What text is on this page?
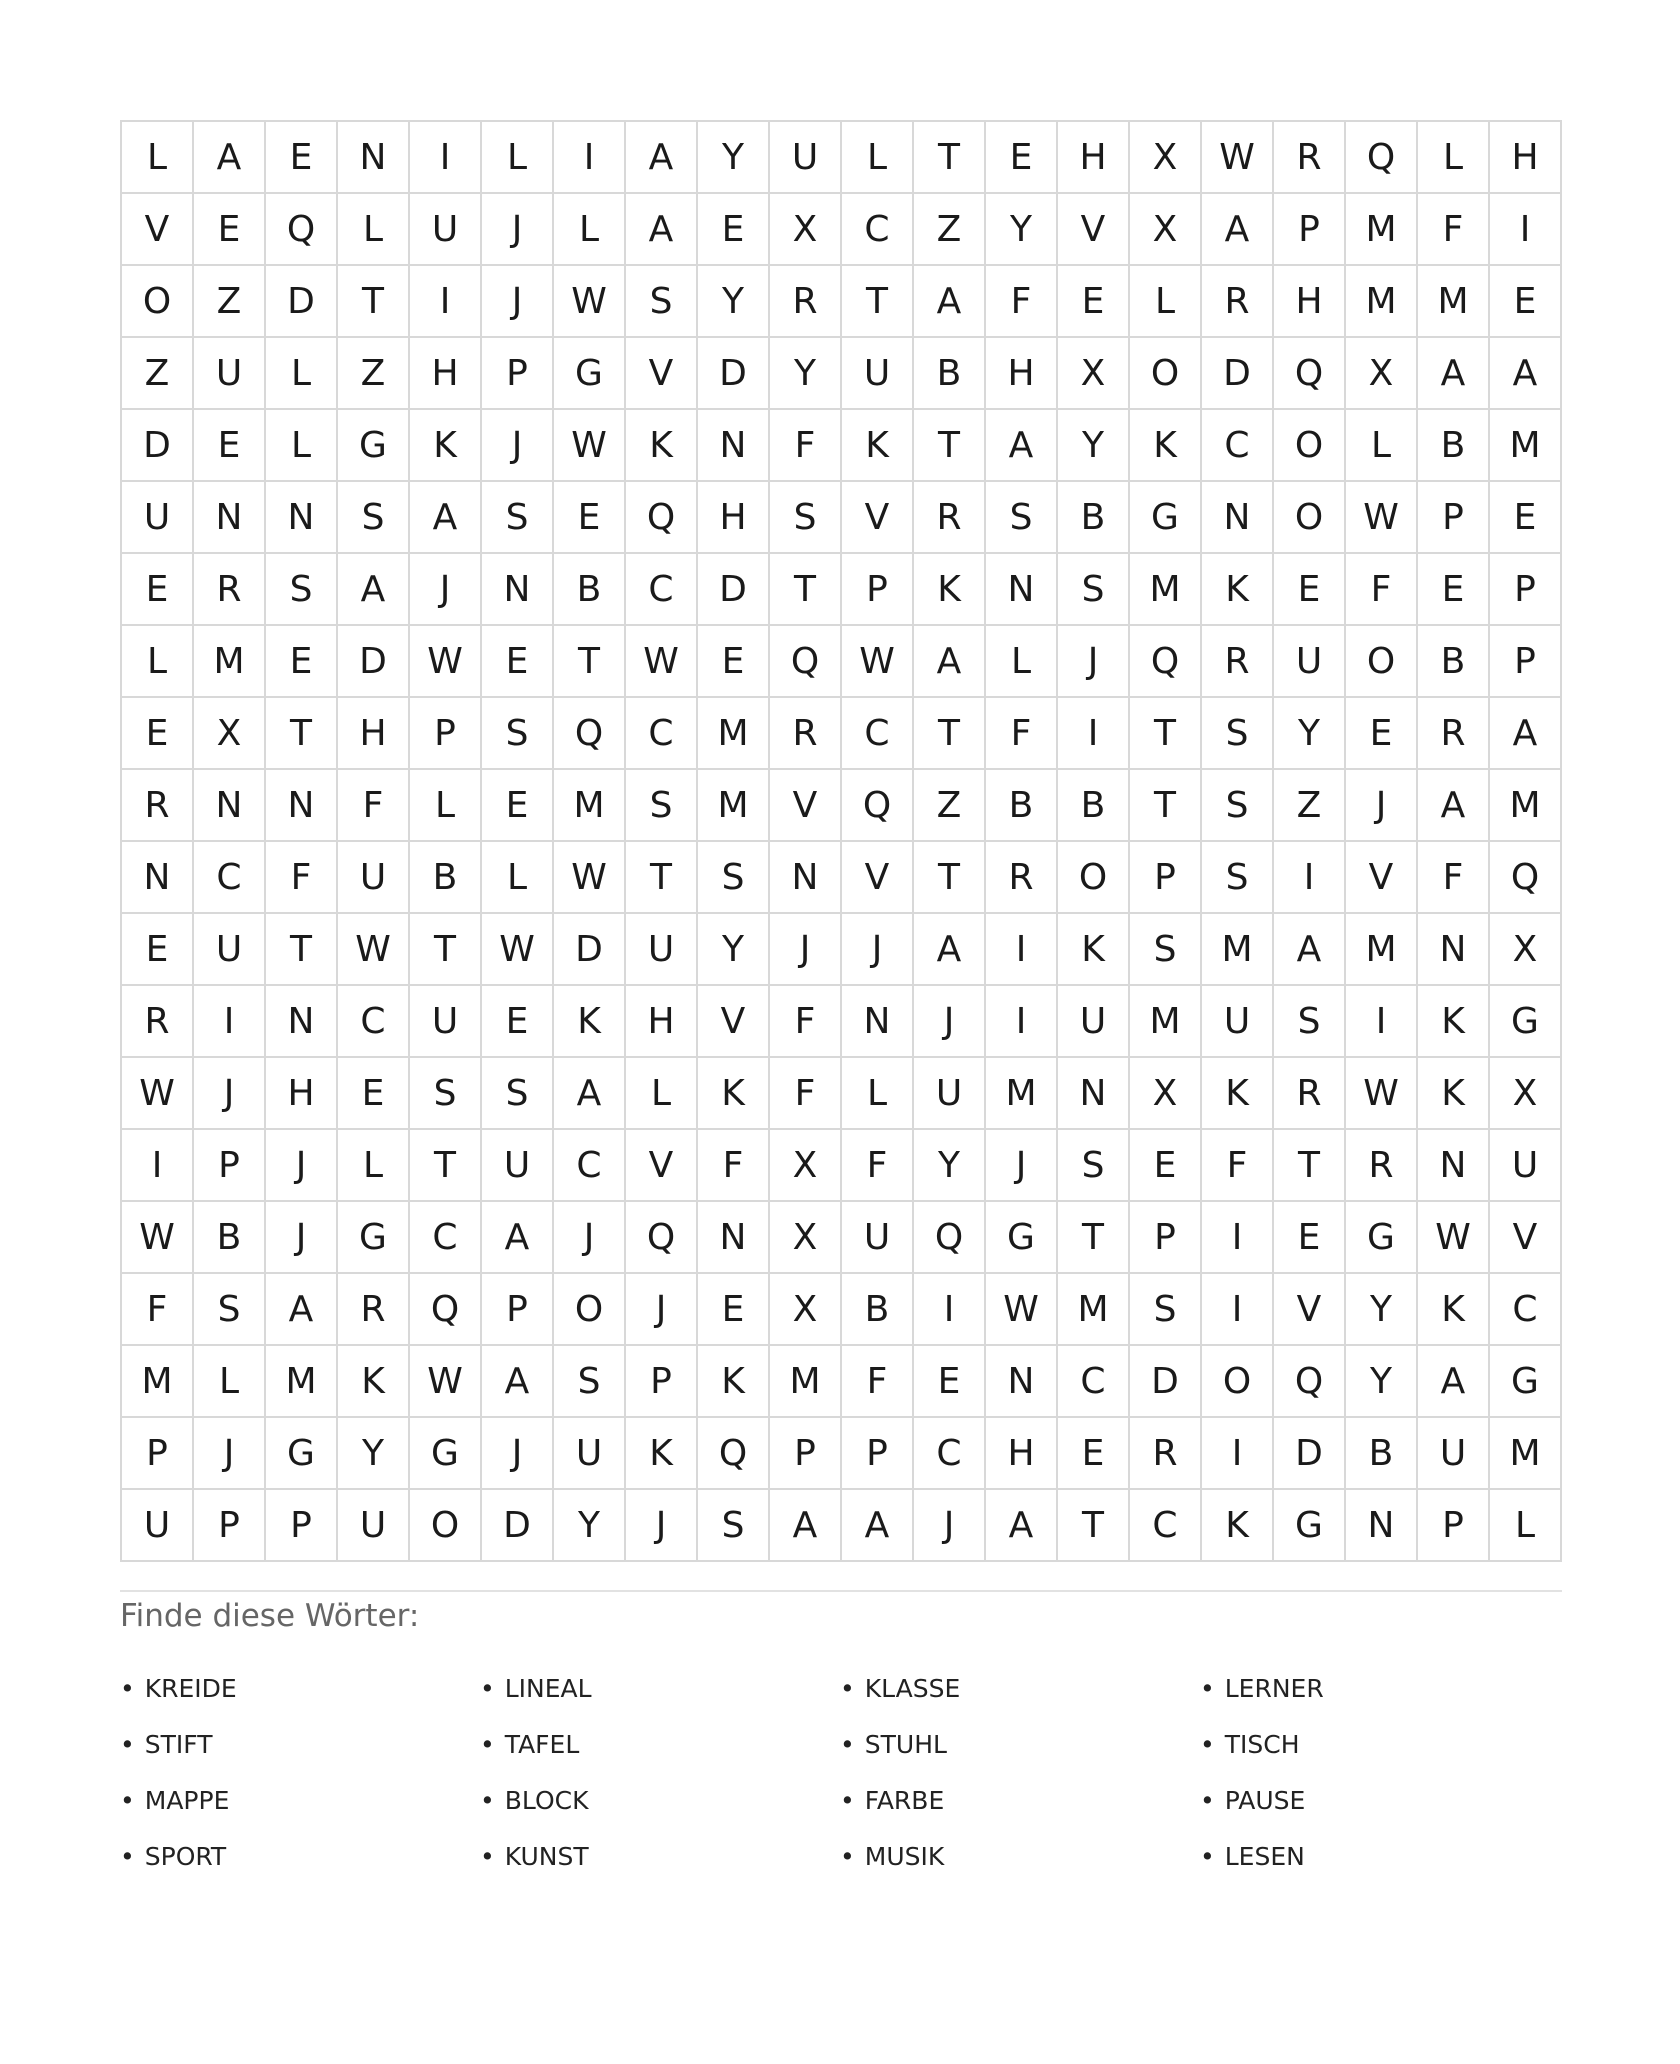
L	A	E	N	I	L	I	A	Y	U	L	T	E	H	X	W	R	Q	L	H
V	E	Q	L	U	J	L	A	E	X	C	Z	Y	V	X	A	P	M	F	I
O	Z	D	T	I	J	W	S	Y	R	T	A	F	E	L	R	H	M	M	E
Z	U	L	Z	H	P	G	V	D	Y	U	B	H	X	O	D	Q	X	A	A
D	E	L	G	K	J	W	K	N	F	K	T	A	Y	K	C	O	L	B	M
U	N	N	S	A	S	E	Q	H	S	V	R	S	B	G	N	O	W	P	E
E	R	S	A	J	N	B	C	D	T	P	K	N	S	M	K	E	F	E	P
L	M	E	D	W	E	T	W	E	Q	W	A	L	J	Q	R	U	O	B	P
E	X	T	H	P	S	Q	C	M	R	C	T	F	I	T	S	Y	E	R	A
R	N	N	F	L	E	M	S	M	V	Q	Z	B	B	T	S	Z	J	A	M
N	C	F	U	B	L	W	T	S	N	V	T	R	O	P	S	I	V	F	Q
E	U	T	W	T	W	D	U	Y	J	J	A	I	K	S	M	A	M	N	X
R	I	N	C	U	E	K	H	V	F	N	J	I	U	M	U	S	I	K	G
W	J	H	E	S	S	A	L	K	F	L	U	M	N	X	K	R	W	K	X
I	P	J	L	T	U	C	V	F	X	F	Y	J	S	E	F	T	R	N	U
W	B	J	G	C	A	J	Q	N	X	U	Q	G	T	P	I	E	G	W	V
F	S	A	R	Q	P	O	J	E	X	B	I	W	M	S	I	V	Y	K	C
M	L	M	K	W	A	S	P	K	M	F	E	N	C	D	O	Q	Y	A	G
P	J	G	Y	G	J	U	K	Q	P	P	C	H	E	R	I	D	B	U	M
U	P	P	U	O	D	Y	J	S	A	A	J	A	T	C	K	G	N	P	L
Finde diese Wörter:
• KREIDE	• LINEAL	• KLASSE	• LERNER
• STIFT	• TAFEL	• STUHL	• TISCH
• MAPPE	• BLOCK	• FARBE	• PAUSE
• SPORT	• KUNST	• MUSIK	• LESEN
